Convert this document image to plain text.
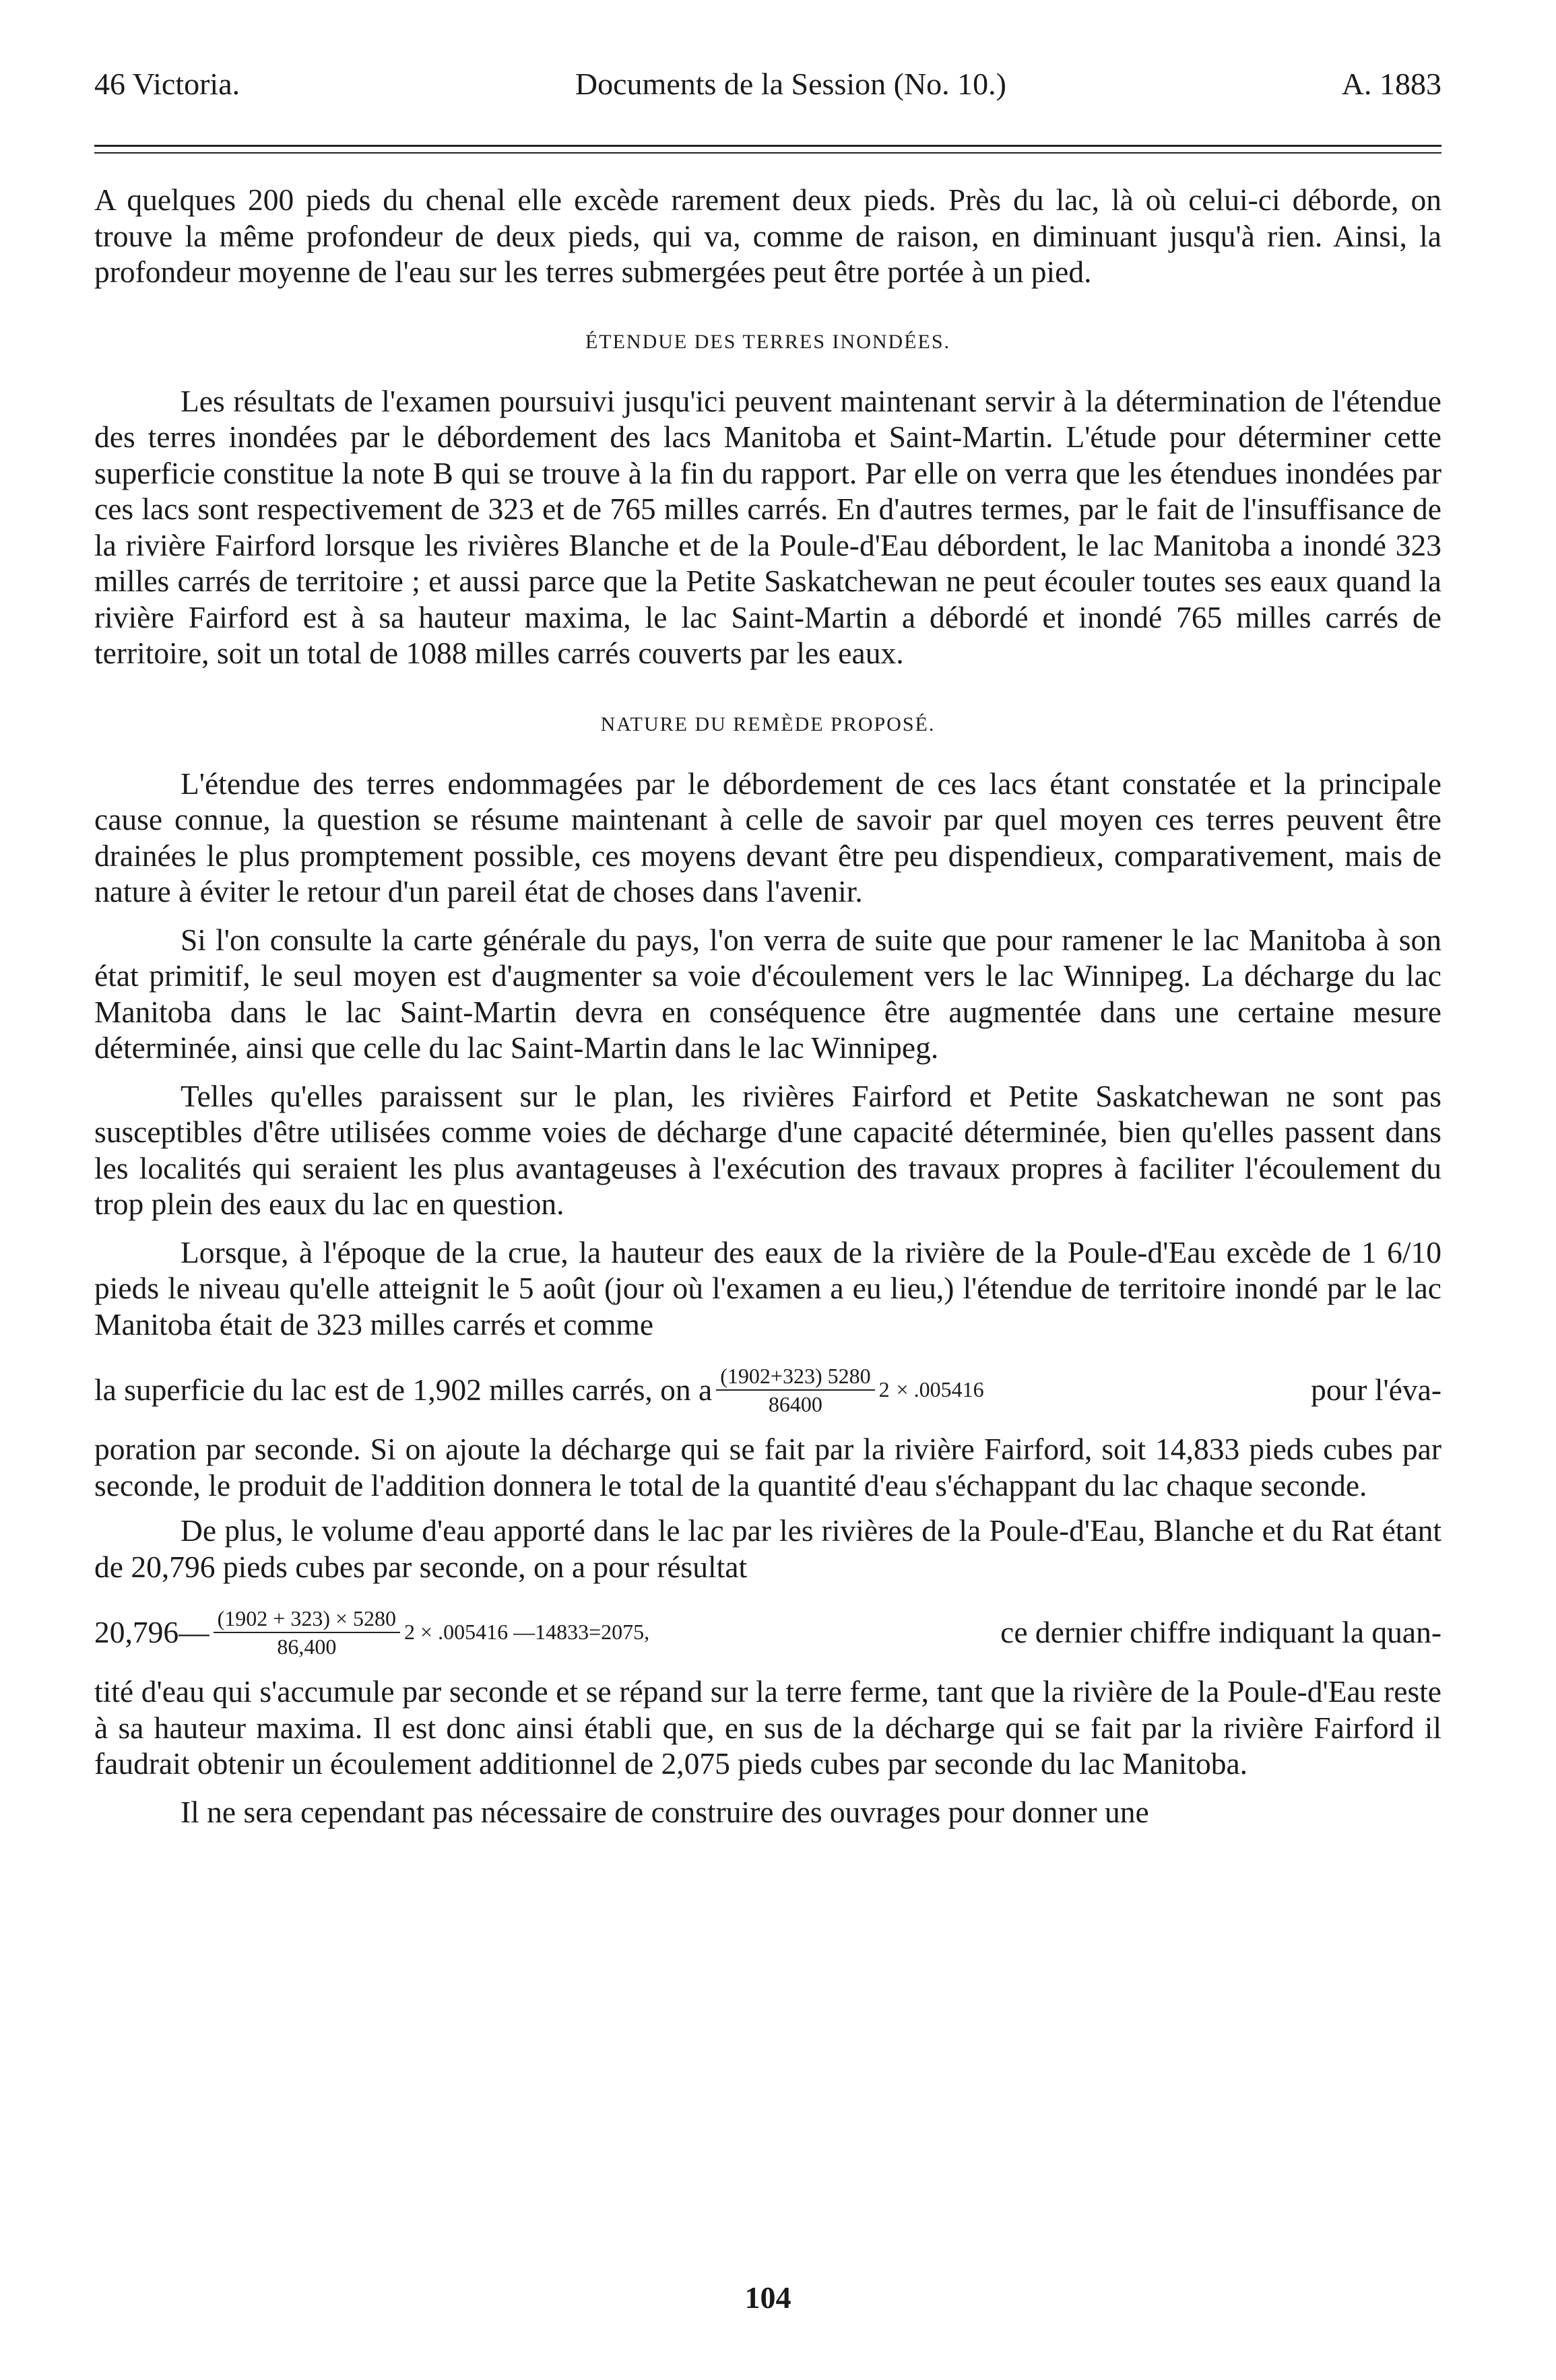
46 Victoria.	Documents de la Session (No. 10.)	A. 1883

A quelques 200 pieds du chenal elle excède rarement deux pieds. Près du lac, là où celui-ci déborde, on trouve la même profondeur de deux pieds, qui va, comme de raison, en diminuant jusqu'à rien. Ainsi, la profondeur moyenne de l'eau sur les terres submergées peut être portée à un pied.

ÉTENDUE DES TERRES INONDÉES.

Les résultats de l'examen poursuivi jusqu'ici peuvent maintenant servir à la détermination de l'étendue des terres inondées par le débordement des lacs Manitoba et Saint-Martin. L'étude pour déterminer cette superficie constitue la note B qui se trouve à la fin du rapport. Par elle on verra que les étendues inondées par ces lacs sont respectivement de 323 et de 765 milles carrés. En d'autres termes, par le fait de l'insuffisance de la rivière Fairford lorsque les rivières Blanche et de la Poule-d'Eau débordent, le lac Manitoba a inondé 323 milles carrés de territoire ; et aussi parce que la Petite Saskatchewan ne peut écouler toutes ses eaux quand la rivière Fairford est à sa hauteur maxima, le lac Saint-Martin a débordé et inondé 765 milles carrés de territoire, soit un total de 1088 milles carrés couverts par les eaux.

NATURE DU REMÈDE PROPOSÉ.

L'étendue des terres endommagées par le débordement de ces lacs étant constatée et la principale cause connue, la question se résume maintenant à celle de savoir par quel moyen ces terres peuvent être drainées le plus promptement possible, ces moyens devant être peu dispendieux, comparativement, mais de nature à éviter le retour d'un pareil état de choses dans l'avenir.

Si l'on consulte la carte générale du pays, l'on verra de suite que pour ramener le lac Manitoba à son état primitif, le seul moyen est d'augmenter sa voie d'écoulement vers le lac Winnipeg. La décharge du lac Manitoba dans le lac Saint-Martin devra en conséquence être augmentée dans une certaine mesure déterminée, ainsi que celle du lac Saint-Martin dans le lac Winnipeg.

Telles qu'elles paraissent sur le plan, les rivières Fairford et Petite Saskatchewan ne sont pas susceptibles d'être utilisées comme voies de décharge d'une capacité déterminée, bien qu'elles passent dans les localités qui seraient les plus avantageuses à l'exécution des travaux propres à faciliter l'écoulement du trop plein des eaux du lac en question.

Lorsque, à l'époque de la crue, la hauteur des eaux de la rivière de la Poule-d'Eau excède de 1 6/10 pieds le niveau qu'elle atteignit le 5 août (jour où l'examen a eu lieu,) l'étendue de territoire inondé par le lac Manitoba était de 323 milles carrés et comme

la superficie du lac est de 1,902 milles carrés, on a $\frac{(1902+323) 5280}{86400} 2 \times .005416$	pour l'éva-

poration par seconde. Si on ajoute la décharge qui se fait par la rivière Fairford, soit 14,833 pieds cubes par seconde, le produit de l'addition donnera le total de la quantité d'eau s'échappant du lac chaque seconde.

De plus, le volume d'eau apporté dans le lac par les rivières de la Poule-d'Eau, Blanche et du Rat étant de 20,796 pieds cubes par seconde, on a pour résultat

20,796— $\frac{(1902 + 323) \times 5280}{86,400} 2 \times .005416$ —14833=2075,	ce dernier chiffre indiquant la quan-

tité d'eau qui s'accumule par seconde et se répand sur la terre ferme, tant que la rivière de la Poule-d'Eau reste à sa hauteur maxima. Il est donc ainsi établi que, en sus de la décharge qui se fait par la rivière Fairford il faudrait obtenir un écoulement additionnel de 2,075 pieds cubes par seconde du lac Manitoba.

Il ne sera cependant pas nécessaire de construire des ouvrages pour donner une

104
